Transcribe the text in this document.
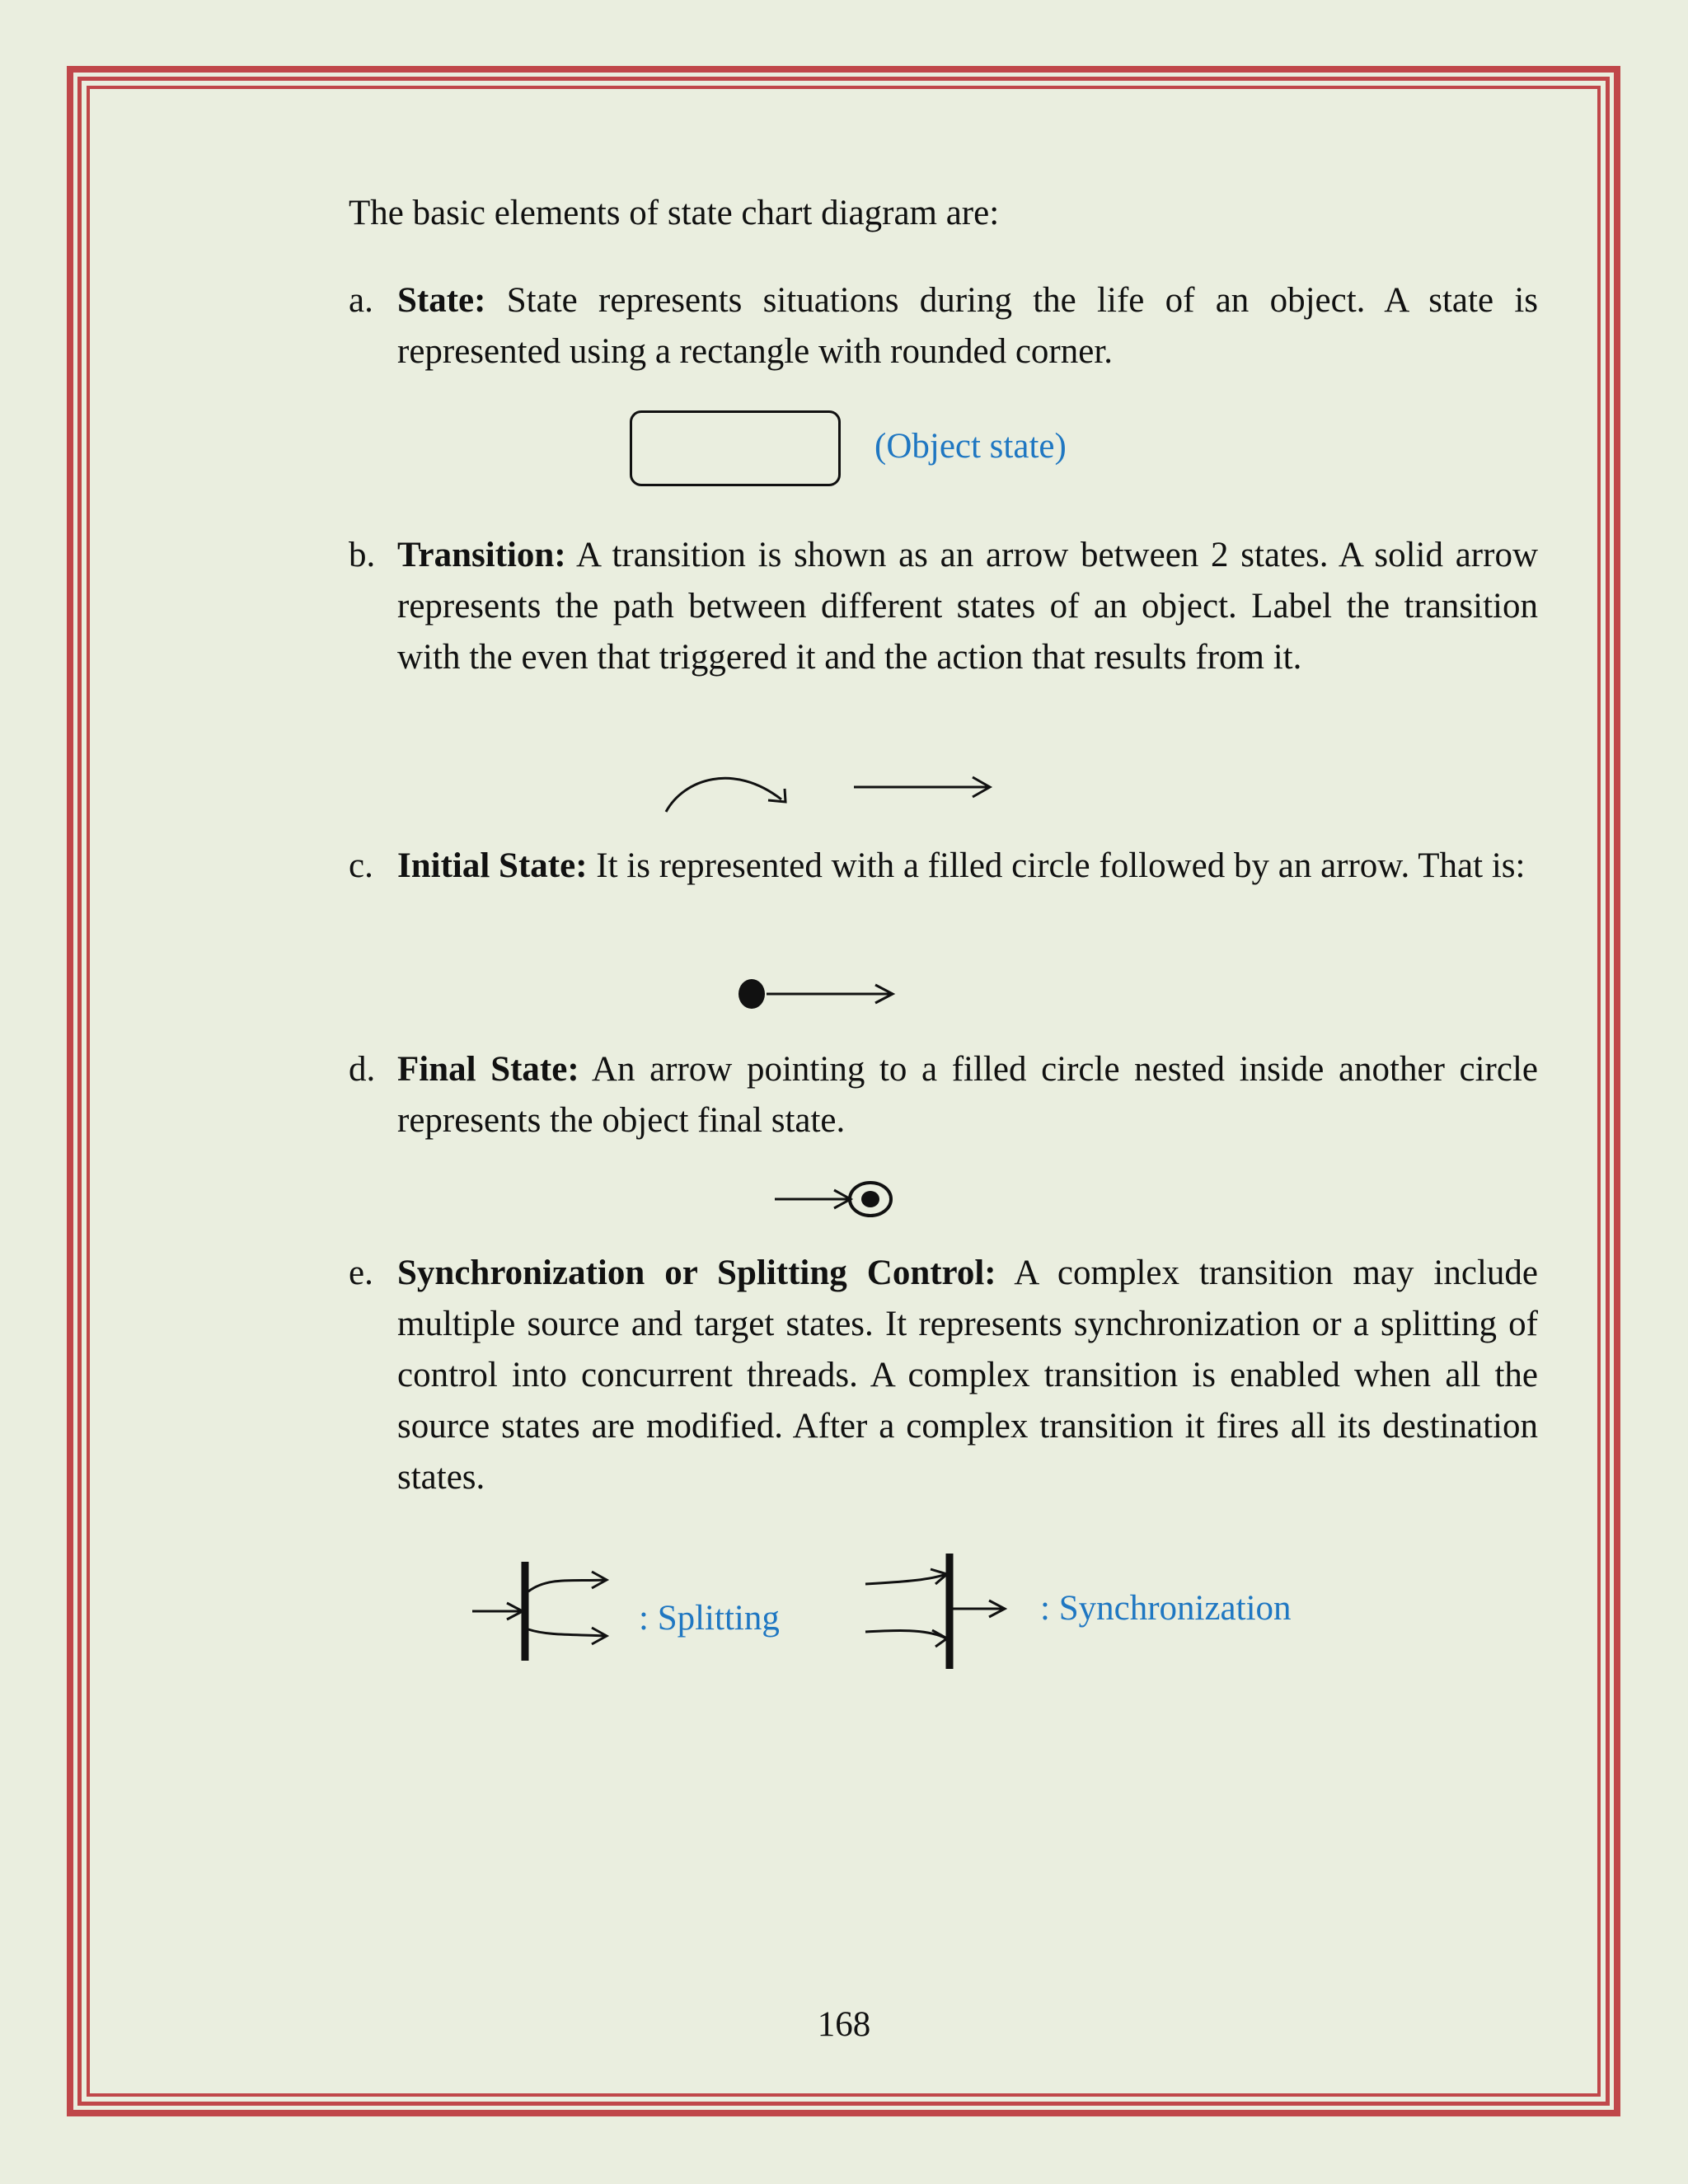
The basic elements of state chart diagram are:

a. State: State represents situations during the life of an object. A state is represented using a rectangle with rounded corner.
(Object state)
b. Transition: A transition is shown as an arrow between 2 states. A solid arrow represents the path between different states of an object. Label the transition with the even that triggered it and the action that results from it.
c. Initial State: It is represented with a filled circle followed by an arrow. That is:
d. Final State: An arrow pointing to a filled circle nested inside another circle represents the object final state.
e. Synchronization or Splitting Control: A complex transition may include multiple source and target states. It represents synchronization or a splitting of control into concurrent threads. A complex transition is enabled when all the source states are modified. After a complex transition it fires all its destination states.
: Splitting	: Synchronization
168
